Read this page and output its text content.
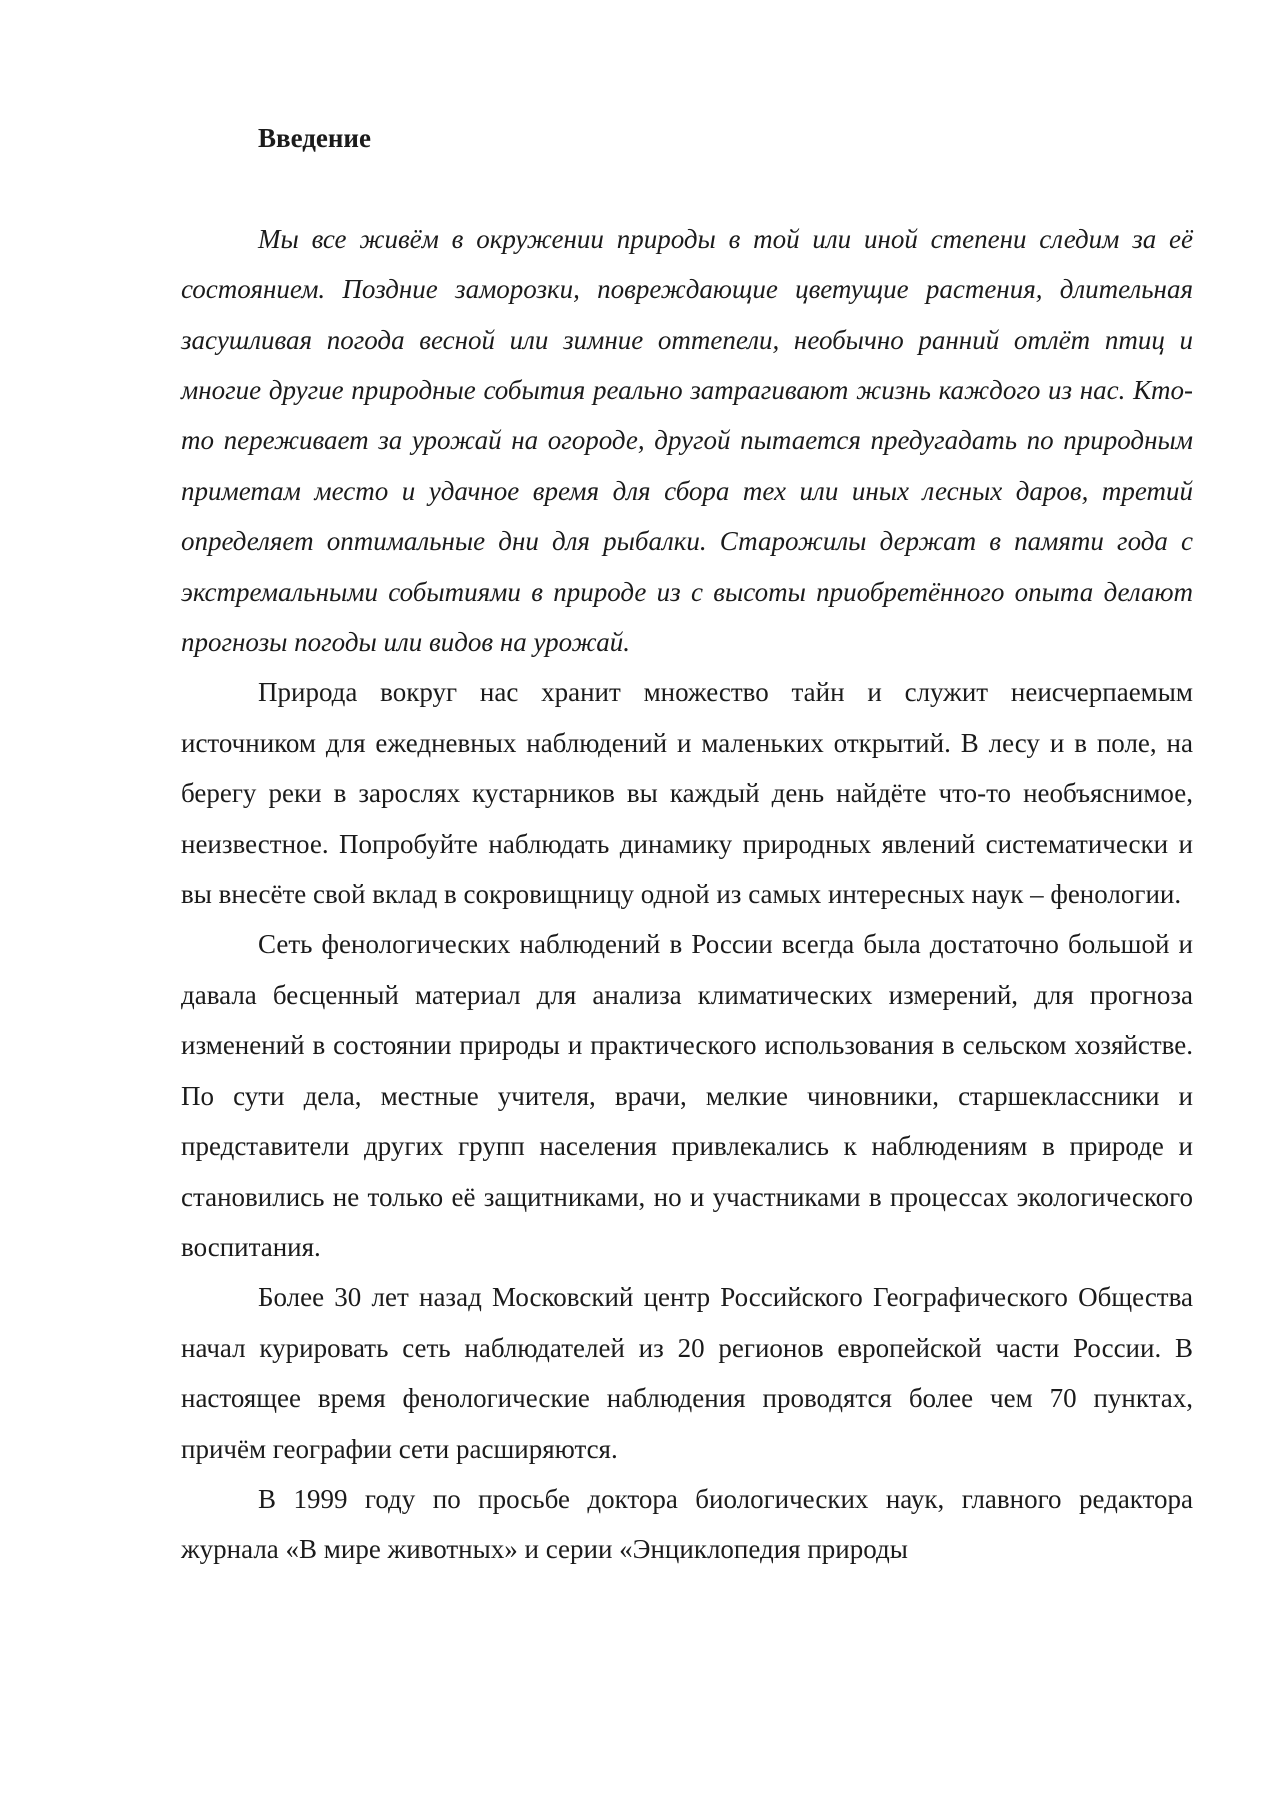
Введение

Мы все живём в окружении природы в той или иной степени следим за её состоянием. Поздние заморозки, повреждающие цветущие растения, длительная засушливая погода весной или зимние оттепели, необычно ранний отлёт птиц и многие другие природные события реально затрагивают жизнь каждого из нас. Кто-то переживает за урожай на огороде, другой пытается предугадать по природным приметам место и удачное время для сбора тех или иных лесных даров, третий определяет оптимальные дни для рыбалки. Старожилы держат в памяти года с экстремальными событиями в природе из с высоты приобретённого опыта делают прогнозы погоды или видов на урожай.

Природа вокруг нас хранит множество тайн и служит неисчерпаемым источником для ежедневных наблюдений и маленьких открытий. В лесу и в поле, на берегу реки в зарослях кустарников вы каждый день найдёте что-то необъяснимое, неизвестное. Попробуйте наблюдать динамику природных явлений систематически и вы внесёте свой вклад в сокровищницу одной из самых интересных наук – фенологии.

Сеть фенологических наблюдений в России всегда была достаточно большой и давала бесценный материал для анализа климатических измерений, для прогноза изменений в состоянии природы и практического использования в сельском хозяйстве. По сути дела, местные учителя, врачи, мелкие чиновники, старшеклассники и представители других групп населения привлекались к наблюдениям в природе и становились не только её защитниками, но и участниками в процессах экологического воспитания.

Более 30 лет назад Московский центр Российского Географического Общества начал курировать сеть наблюдателей из 20 регионов европейской части России. В настоящее время фенологические наблюдения проводятся более чем 70 пунктах, причём географии сети расширяются.

В 1999 году по просьбе доктора биологических наук, главного редактора журнала «В мире животных» и серии «Энциклопедия природы
